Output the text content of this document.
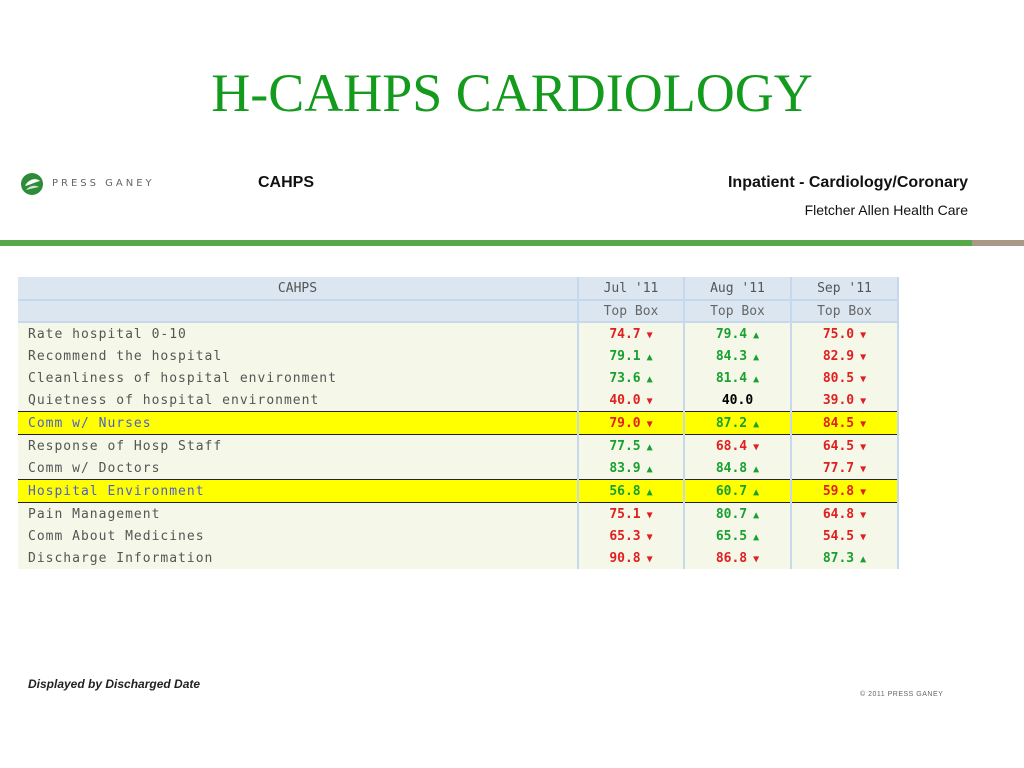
H-CAHPS CARDIOLOGY
PRESS GANEY	CAHPS	Inpatient - Cardiology/Coronary
Fletcher Allen Health Care
CAHPS	Jul '11	Aug '11	Sep '11
	Top Box	Top Box	Top Box
Rate hospital 0-10	74.7 ▼	79.4 ▲	75.0 ▼
Recommend the hospital	79.1 ▲	84.3 ▲	82.9 ▼
Cleanliness of hospital environment	73.6 ▲	81.4 ▲	80.5 ▼
Quietness of hospital environment	40.0 ▼	40.0	39.0 ▼
Comm w/ Nurses	79.0 ▼	87.2 ▲	84.5 ▼
Response of Hosp Staff	77.5 ▲	68.4 ▼	64.5 ▼
Comm w/ Doctors	83.9 ▲	84.8 ▲	77.7 ▼
Hospital Environment	56.8 ▲	60.7 ▲	59.8 ▼
Pain Management	75.1 ▼	80.7 ▲	64.8 ▼
Comm About Medicines	65.3 ▼	65.5 ▲	54.5 ▼
Discharge Information	90.8 ▼	86.8 ▼	87.3 ▲
Displayed by Discharged Date
© 2011 PRESS GANEY
